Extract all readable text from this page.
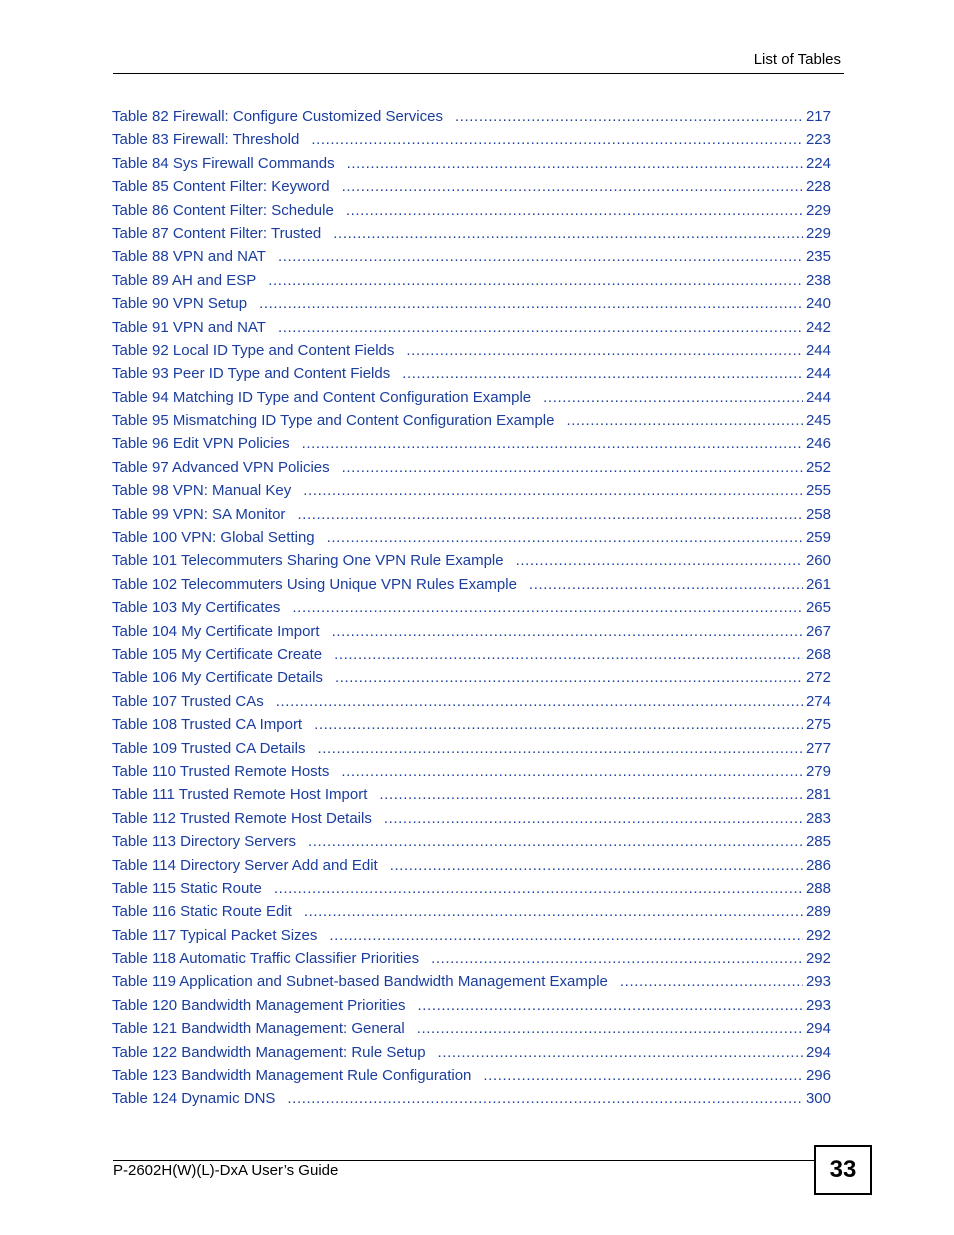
List of Tables
Table 82 Firewall: Configure Customized Services .....	217
Table 83 Firewall: Threshold .....	223
Table 84 Sys Firewall Commands .....	224
Table 85 Content Filter: Keyword .....	228
Table 86 Content Filter: Schedule .....	229
Table 87 Content Filter: Trusted .....	229
Table 88 VPN and NAT .....	235
Table 89 AH and ESP .....	238
Table 90 VPN Setup .....	240
Table 91 VPN and NAT .....	242
Table 92 Local ID Type and Content Fields .....	244
Table 93 Peer ID Type and Content Fields .....	244
Table 94 Matching ID Type and Content Configuration Example .....	244
Table 95 Mismatching ID Type and Content Configuration Example .....	245
Table 96 Edit VPN Policies .....	246
Table 97 Advanced VPN Policies .....	252
Table 98 VPN: Manual Key .....	255
Table 99 VPN: SA Monitor .....	258
Table 100 VPN: Global Setting .....	259
Table 101 Telecommuters Sharing One VPN Rule Example .....	260
Table 102 Telecommuters Using Unique VPN Rules Example .....	261
Table 103 My Certificates .....	265
Table 104 My Certificate Import .....	267
Table 105 My Certificate Create .....	268
Table 106 My Certificate Details .....	272
Table 107 Trusted CAs .....	274
Table 108 Trusted CA Import .....	275
Table 109 Trusted CA Details .....	277
Table 110 Trusted Remote Hosts .....	279
Table 111 Trusted Remote Host Import .....	281
Table 112 Trusted Remote Host Details .....	283
Table 113 Directory Servers .....	285
Table 114 Directory Server Add and Edit .....	286
Table 115 Static Route .....	288
Table 116 Static Route Edit .....	289
Table 117 Typical Packet Sizes .....	292
Table 118 Automatic Traffic Classifier Priorities .....	292
Table 119 Application and Subnet-based Bandwidth Management Example .....	293
Table 120 Bandwidth Management Priorities .....	293
Table 121 Bandwidth Management: General .....	294
Table 122 Bandwidth Management: Rule Setup .....	294
Table 123 Bandwidth Management Rule Configuration .....	296
Table 124 Dynamic DNS .....	300
P-2602H(W)(L)-DxA User’s Guide	33
